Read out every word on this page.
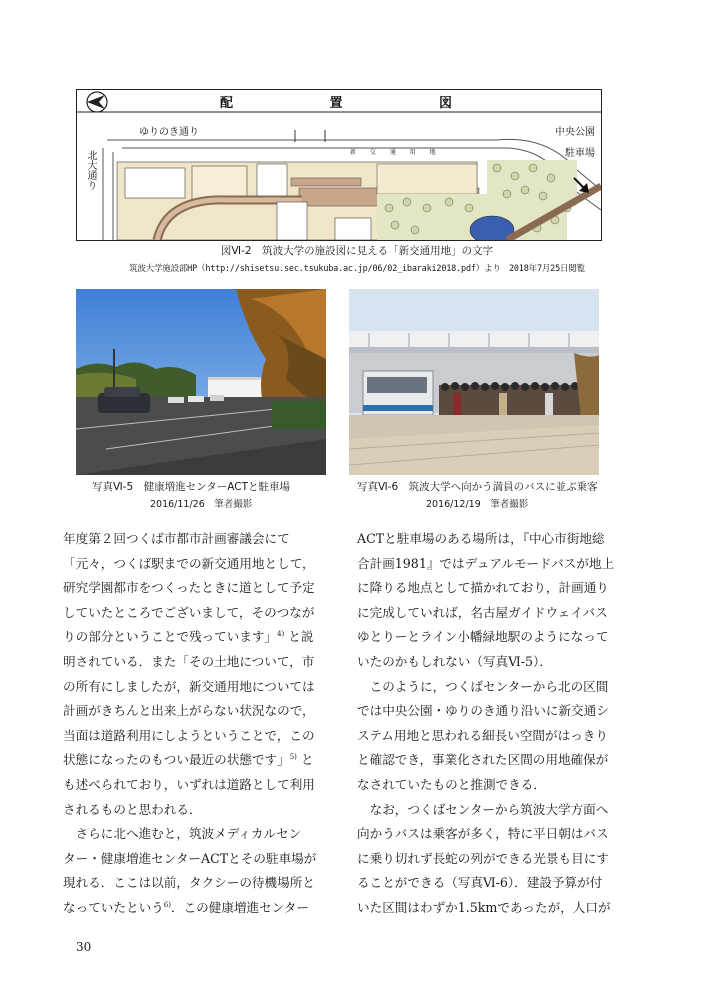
配 置 図
ゆりのき通り
北大通り
中央公園
駐車場
新 交 通 用 地
図Ⅵ-2　筑波大学の施設図に見える「新交通用地」の文字
筑波大学施設部HP（http://shisetsu.sec.tsukuba.ac.jp/06/02_ibaraki2018.pdf）より　2018年7月25日閲覧
写真Ⅵ-5　健康増進センターACTと駐車場
2016/11/26　筆者撮影
写真Ⅵ-6　筑波大学へ向かう満員のバスに並ぶ乗客
2016/12/19　筆者撮影
年度第２回つくば市都市計画審議会にて
「元々，つくば駅までの新交通用地として，
研究学園都市をつくったときに道として予定
していたところでございまして，そのつなが
りの部分ということで残っています」$^{4)}$ と説
明されている．また「その土地について，市
の所有にしましたが，新交通用地については
計画がきちんと出来上がらない状況なので，
当面は道路利用にしようということで，この
状態になったのもつい最近の状態です」$^{5)}$ と
も述べられており，いずれは道路として利用
されるものと思われる．
　さらに北へ進むと，筑波メディカルセン
ター・健康増進センターACTとその駐車場が
現れる．ここは以前，タクシーの待機場所と
なっていたという$^{6)}$．この健康増進センター
ACTと駐車場のある場所は，『中心市街地総
合計画1981』ではデュアルモードバスが地上
に降りる地点として描かれており，計画通り
に完成していれば，名古屋ガイドウェイバス
ゆとりーとライン小幡緑地駅のようになって
いたのかもしれない（写真Ⅵ-5）．
　このように，つくばセンターから北の区間
では中央公園・ゆりのき通り沿いに新交通シ
ステム用地と思われる細長い空間がはっきり
と確認でき，事業化された区間の用地確保が
なされていたものと推測できる．
　なお，つくばセンターから筑波大学方面へ
向かうバスは乗客が多く，特に平日朝はバス
に乗り切れず長蛇の列ができる光景も目にす
ることができる（写真Ⅵ-6）．建設予算が付
いた区間はわずか1.5kmであったが，人口が
30
